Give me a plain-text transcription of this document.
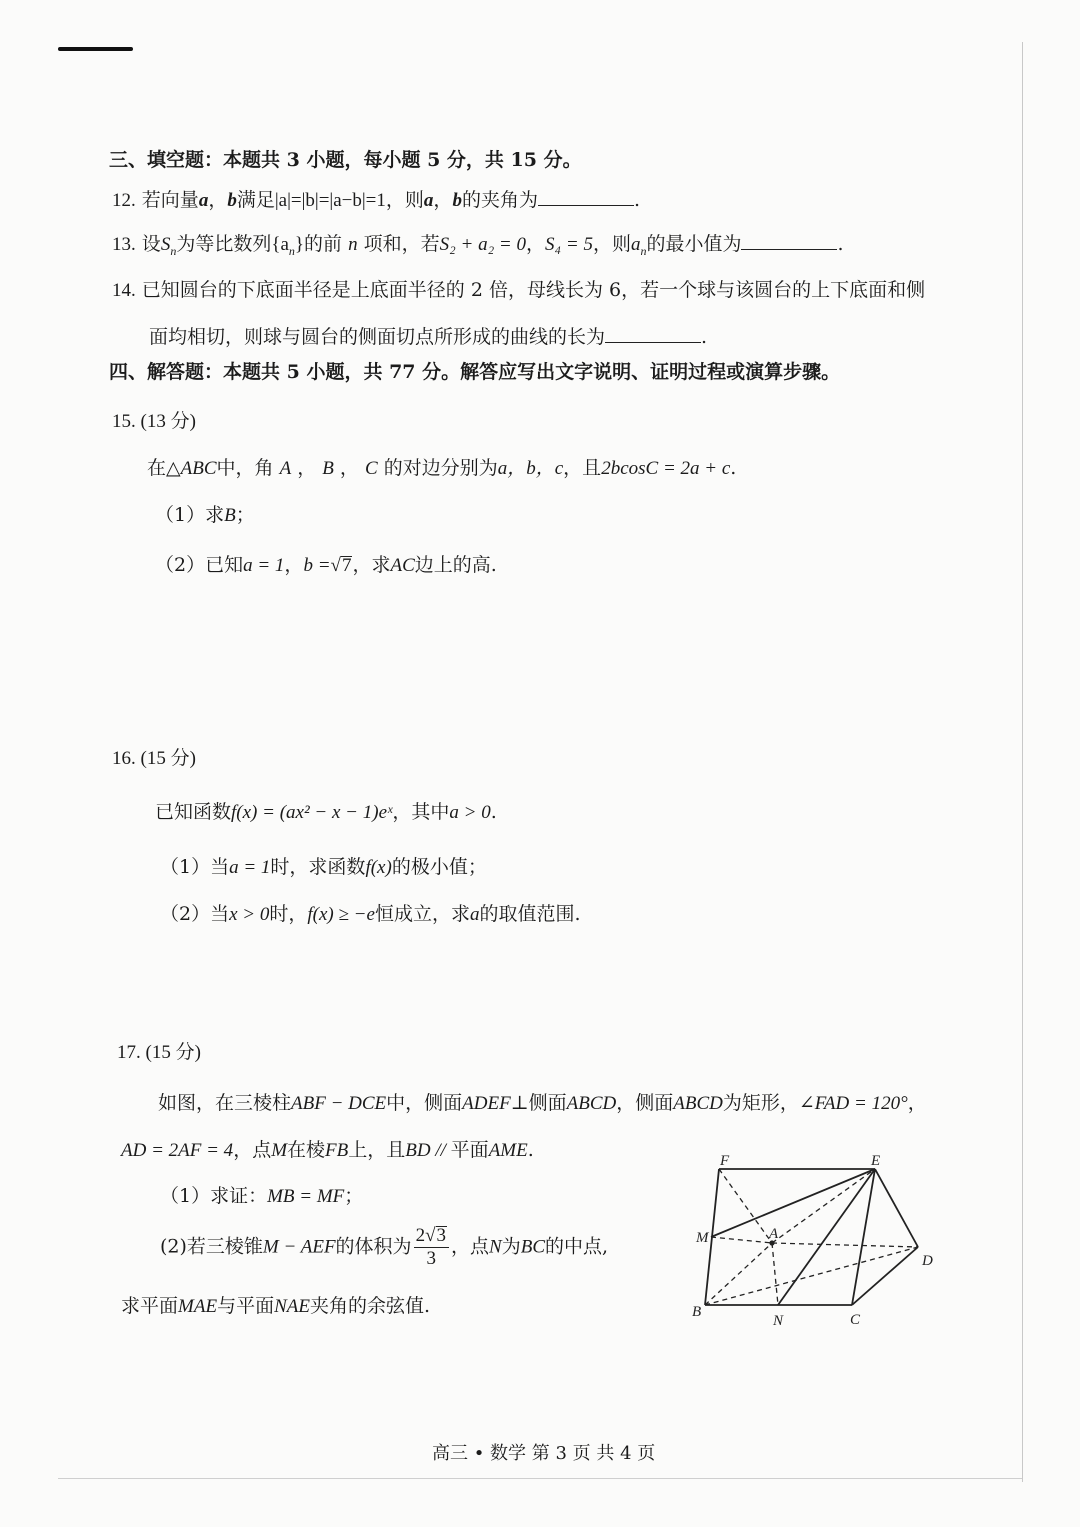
三、填空题：本题共 3 小题，每小题 5 分，共 15 分。
12. 若向量a，b满足|a|=|b|=|a−b|=1，则a，b的夹角为	.
13. 设$S_n$为等比数列$\{a_n\}$的前 n 项和，若S₂ + a₂ = 0，S₄ = 5，则$a_n$的最小值为	.
14. 已知圆台的下底面半径是上底面半径的 2 倍，母线长为 6，若一个球与该圆台的上下底面和侧
面均相切，则球与圆台的侧面切点所形成的曲线的长为	.
四、解答题：本题共 5 小题，共 77 分。解答应写出文字说明、证明过程或演算步骤。
15. (13 分)
在△ABC中，角 A ， B ， C 的对边分别为a，b，c，且2bcosC = 2a + c.
（1）求B；
（2）已知a = 1，b =√7，求AC边上的高.
16. (15 分)
已知函数f(x) = (ax² − x − 1)eˣ，其中a > 0.
（1）当a = 1时，求函数f(x)的极小值；
（2）当x > 0时，f(x) ≥ −e恒成立，求a的取值范围.
17. (15 分)
如图，在三棱柱ABF − DCE中，侧面ADEF⊥侧面ABCD，侧面ABCD为矩形，∠FAD = 120°，
AD = 2AF = 4，点M在棱FB上，且BD // 平面AME.
（1）求证：MB = MF；
(2)若三棱锥M − AEF的体积为 $\frac{2√3}{3}$ ，点N为BC的中点,
求平面MAE与平面NAE夹角的余弦值.
F	E
M	A
D
B
N	C
高三 • 数学 第 3 页 共 4 页
